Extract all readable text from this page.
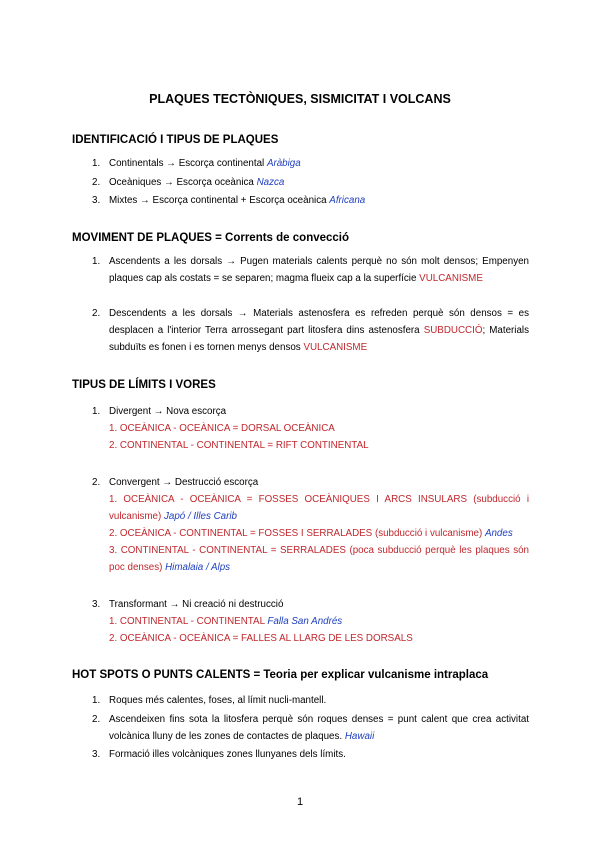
PLAQUES TECTÒNIQUES, SISMICITAT I VOLCANS
IDENTIFICACIÓ I TIPUS DE PLAQUES
1. Continentals → Escorça continental Aràbiga
2. Oceàniques → Escorça oceànica Nazca
3. Mixtes → Escorça continental + Escorça oceànica Africana
MOVIMENT DE PLAQUES = Corrents de convecció
1. Ascendents a les dorsals → Pugen materials calents perquè no són molt densos; Empenyen plaques cap als costats = se separen; magma flueix cap a la superfície VULCANISME
2. Descendents a les dorsals → Materials astenosfera es refreden perquè són densos = es desplacen a l'interior Terra arrossegant part litosfera dins astenosfera SUBDUCCIÓ; Materials subduïts es fonen i es tornen menys densos VULCANISME
TIPUS DE LÍMITS I VORES
1. Divergent → Nova escorça
1. OCEÀNICA - OCEÀNICA = DORSAL OCEÀNICA
2. CONTINENTAL - CONTINENTAL = RIFT CONTINENTAL
2. Convergent → Destrucció escorça
1. OCEÀNICA - OCEÀNICA = FOSSES OCEÀNIQUES I ARCS INSULARS (subducció i vulcanisme) Japó / Illes Carib
2. OCEÀNICA - CONTINENTAL = FOSSES I SERRALADES (subducció i vulcanisme) Andes
3. CONTINENTAL - CONTINENTAL = SERRALADES (poca subducció perquè les plaques són poc denses) Himalaia / Alps
3. Transformant → Ni creació ni destrucció
1. CONTINENTAL - CONTINENTAL Falla San Andrés
2. OCEÀNICA - OCEÀNICA = FALLES AL LLARG DE LES DORSALS
HOT SPOTS O PUNTS CALENTS = Teoria per explicar vulcanisme intraplaca
1. Roques més calentes, foses, al límit nucli-mantell.
2. Ascendeixen fins sota la litosfera perquè són roques denses = punt calent que crea activitat volcànica lluny de les zones de contactes de plaques. Hawaii
3. Formació illes volcàniques zones llunyanes dels límits.
1
